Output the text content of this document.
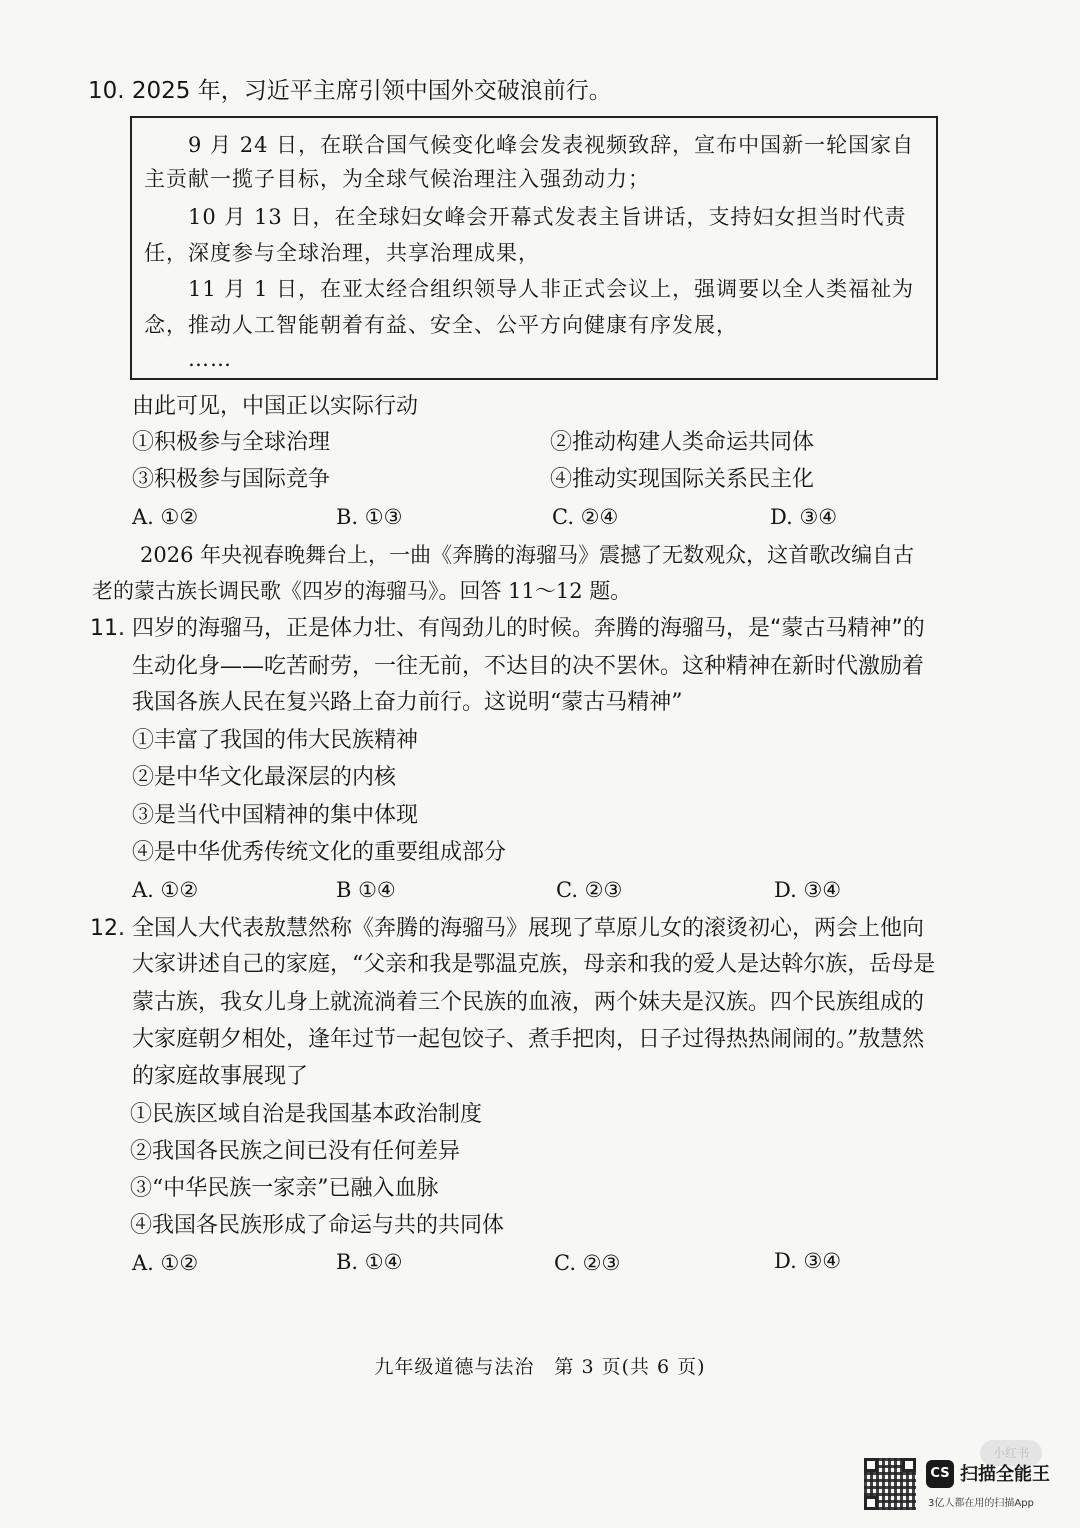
10. 2025 年，习近平主席引领中国外交破浪前行。
9 月 24 日，在联合国气候变化峰会发表视频致辞，宣布中国新一轮国家自
主贡献一揽子目标，为全球气候治理注入强劲动力；
10 月 13 日，在全球妇女峰会开幕式发表主旨讲话，支持妇女担当时代责
任，深度参与全球治理，共享治理成果，
11 月 1 日，在亚太经合组织领导人非正式会议上，强调要以全人类福祉为
念，推动人工智能朝着有益、安全、公平方向健康有序发展，
……
由此可见，中国正以实际行动
①积极参与全球治理	②推动构建人类命运共同体
③积极参与国际竞争	④推动实现国际关系民主化
A. ①②	B. ①③	C. ②④	D. ③④
2026 年央视春晚舞台上，一曲《奔腾的海骝马》震撼了无数观众，这首歌改编自古
老的蒙古族长调民歌《四岁的海骝马》。回答 11～12 题。
11. 四岁的海骝马，正是体力壮、有闯劲儿的时候。奔腾的海骝马，是“蒙古马精神”的
生动化身——吃苦耐劳，一往无前，不达目的决不罢休。这种精神在新时代激励着
我国各族人民在复兴路上奋力前行。这说明“蒙古马精神”
①丰富了我国的伟大民族精神
②是中华文化最深层的内核
③是当代中国精神的集中体现
④是中华优秀传统文化的重要组成部分
A. ①②	B ①④	C. ②③	D. ③④
12. 全国人大代表敖慧然称《奔腾的海骝马》展现了草原儿女的滚烫初心，两会上他向
大家讲述自己的家庭，“父亲和我是鄂温克族，母亲和我的爱人是达斡尔族，岳母是
蒙古族，我女儿身上就流淌着三个民族的血液，两个妹夫是汉族。四个民族组成的
大家庭朝夕相处，逢年过节一起包饺子、煮手把肉，日子过得热热闹闹的。”敖慧然
的家庭故事展现了
①民族区域自治是我国基本政治制度
②我国各民族之间已没有任何差异
③“中华民族一家亲”已融入血脉
④我国各民族形成了命运与共的共同体
A. ①②	B. ①④	C. ②③	D. ③④
九年级道德与法治　第 3 页(共 6 页)
小红书
CS 扫描全能王
3亿人都在用的扫描App
